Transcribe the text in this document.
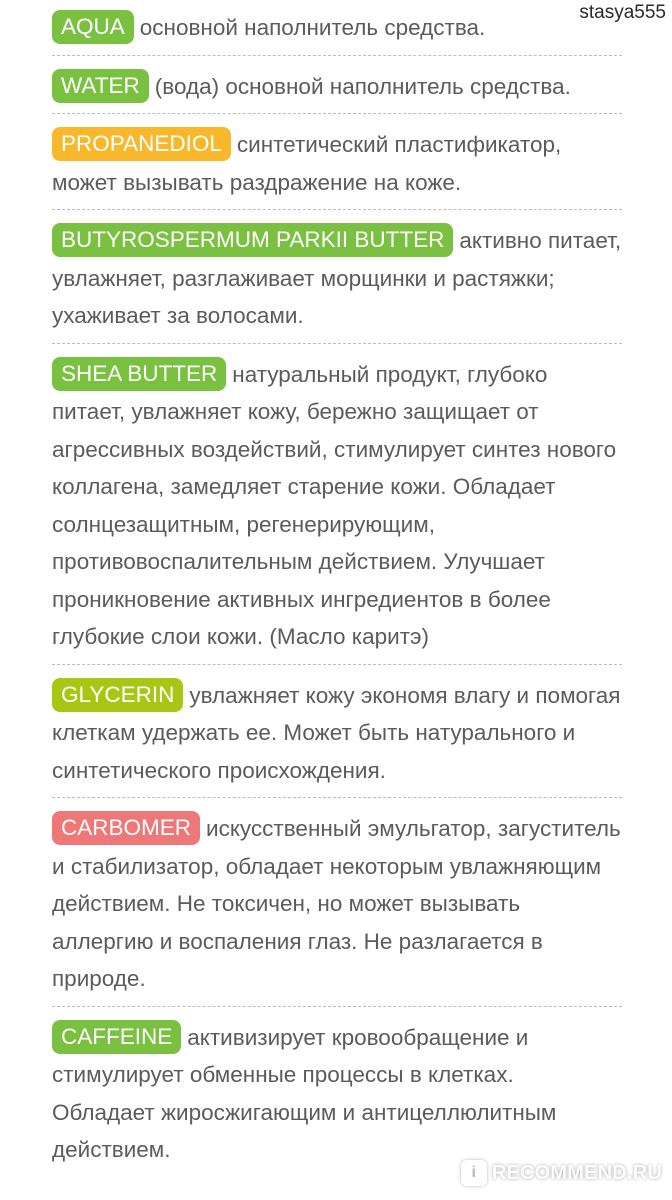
stasya555
AQUA основной наполнитель средства.
WATER (вода) основной наполнитель средства.
PROPANEDIOL синтетический пластификатор, может вызывать раздражение на коже.
BUTYROSPERMUM PARKII BUTTER активно питает, увлажняет, разглаживает морщинки и растяжки; ухаживает за волосами.
SHEA BUTTER натуральный продукт, глубоко питает, увлажняет кожу, бережно защищает от агрессивных воздействий, стимулирует синтез нового коллагена, замедляет старение кожи. Обладает солнцезащитным, регенерирующим, противовоспалительным действием. Улучшает проникновение активных ингредиентов в более глубокие слои кожи. (Масло каритэ)
GLYCERIN увлажняет кожу экономя влагу и помогая клеткам удержать ее. Может быть натурального и синтетического происхождения.
CARBOMER искусственный эмульгатор, загуститель и стабилизатор, обладает некоторым увлажняющим действием. Не токсичен, но может вызывать аллергию и воспаления глаз. Не разлагается в природе.
CAFFEINE активизирует кровообращение и стимулирует обменные процессы в клетках. Обладает жиросжигающим и антицеллюлитным действием.
i RECOMMEND.RU
